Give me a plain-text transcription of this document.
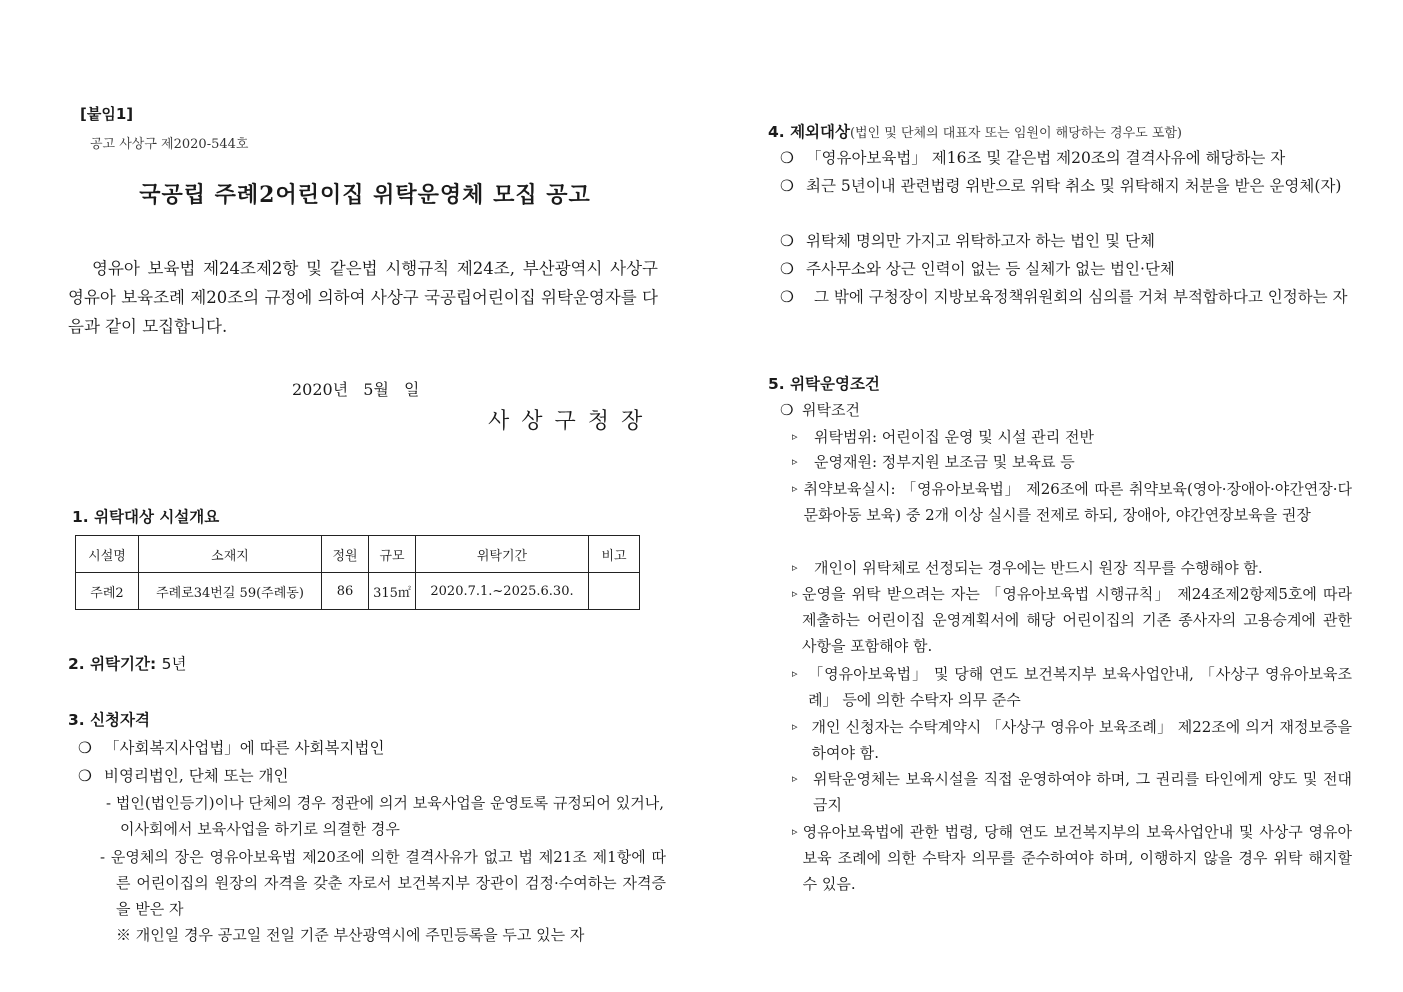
[붙임1]
공고 사상구 제2020-544호
국공립 주례2어린이집 위탁운영체 모집 공고
영유아 보육법 제24조제2항 및 같은법 시행규칙 제24조, 부산광역시 사상구 영유아 보육조례 제20조의 규정에 의하여 사상구 국공립어린이집 위탁운영자를 다음과 같이 모집합니다.
2020년 5월 일
사상구청장
1. 위탁대상 시설개요
시설명	소재지	정원	규모	위탁기간	비고
주례2	주례로34번길 59(주례동)	86	315㎡	2020.7.1.~2025.6.30.	
2. 위탁기간: 5년
3. 신청자격
❍ 「사회복지사업법」에 따른 사회복지법인
❍ 비영리법인, 단체 또는 개인
- 법인(법인등기)이나 단체의 경우 정관에 의거 보육사업을 운영토록 규정되어 있거나, 이사회에서 보육사업을 하기로 의결한 경우
- 운영체의 장은 영유아보육법 제20조에 의한 결격사유가 없고 법 제21조 제1항에 따른 어린이집의 원장의 자격을 갖춘 자로서 보건복지부 장관이 검정·수여하는 자격증을 받은 자
※ 개인일 경우 공고일 전일 기준 부산광역시에 주민등록을 두고 있는 자
4. 제외대상(법인 및 단체의 대표자 또는 임원이 해당하는 경우도 포함)
❍ 「영유아보육법」 제16조 및 같은법 제20조의 결격사유에 해당하는 자
❍ 최근 5년이내 관련법령 위반으로 위탁 취소 및 위탁해지 처분을 받은 운영체(자)
❍ 위탁체 명의만 가지고 위탁하고자 하는 법인 및 단체
❍ 주사무소와 상근 인력이 없는 등 실체가 없는 법인·단체
❍	그 밖에 구청장이 지방보육정책위원회의 심의를 거쳐 부적합하다고 인정하는 자
5. 위탁운영조건
❍ 위탁조건
▹	위탁범위: 어린이집 운영 및 시설 관리 전반
▹	운영재원: 정부지원 보조금 및 보육료 등
▹ 취약보육실시: 「영유아보육법」 제26조에 따른 취약보육(영아·장애아·야간연장·다문화아동 보육) 중 2개 이상 실시를 전제로 하되, 장애아, 야간연장보육을 권장
▹	개인이 위탁체로 선정되는 경우에는 반드시 원장 직무를 수행해야 함.
▹ 운영을 위탁 받으려는 자는 「영유아보육법 시행규칙」 제24조제2항제5호에 따라 제출하는 어린이집 운영계획서에 해당 어린이집의 기존 종사자의 고용승계에 관한 사항을 포함해야 함.
▹ 「영유아보육법」 및 당해 연도 보건복지부 보육사업안내, 「사상구 영유아보육조례」 등에 의한 수탁자 의무 준수
▹ 개인 신청자는 수탁계약시 「사상구 영유아 보육조례」 제22조에 의거 재정보증을 하여야 함.
▹	위탁운영체는 보육시설을 직접 운영하여야 하며, 그 권리를 타인에게 양도 및 전대 금지
▹ 영유아보육법에 관한 법령, 당해 연도 보건복지부의 보육사업안내 및 사상구 영유아 보육 조례에 의한 수탁자 의무를 준수하여야 하며, 이행하지 않을 경우 위탁 해지할 수 있음.
